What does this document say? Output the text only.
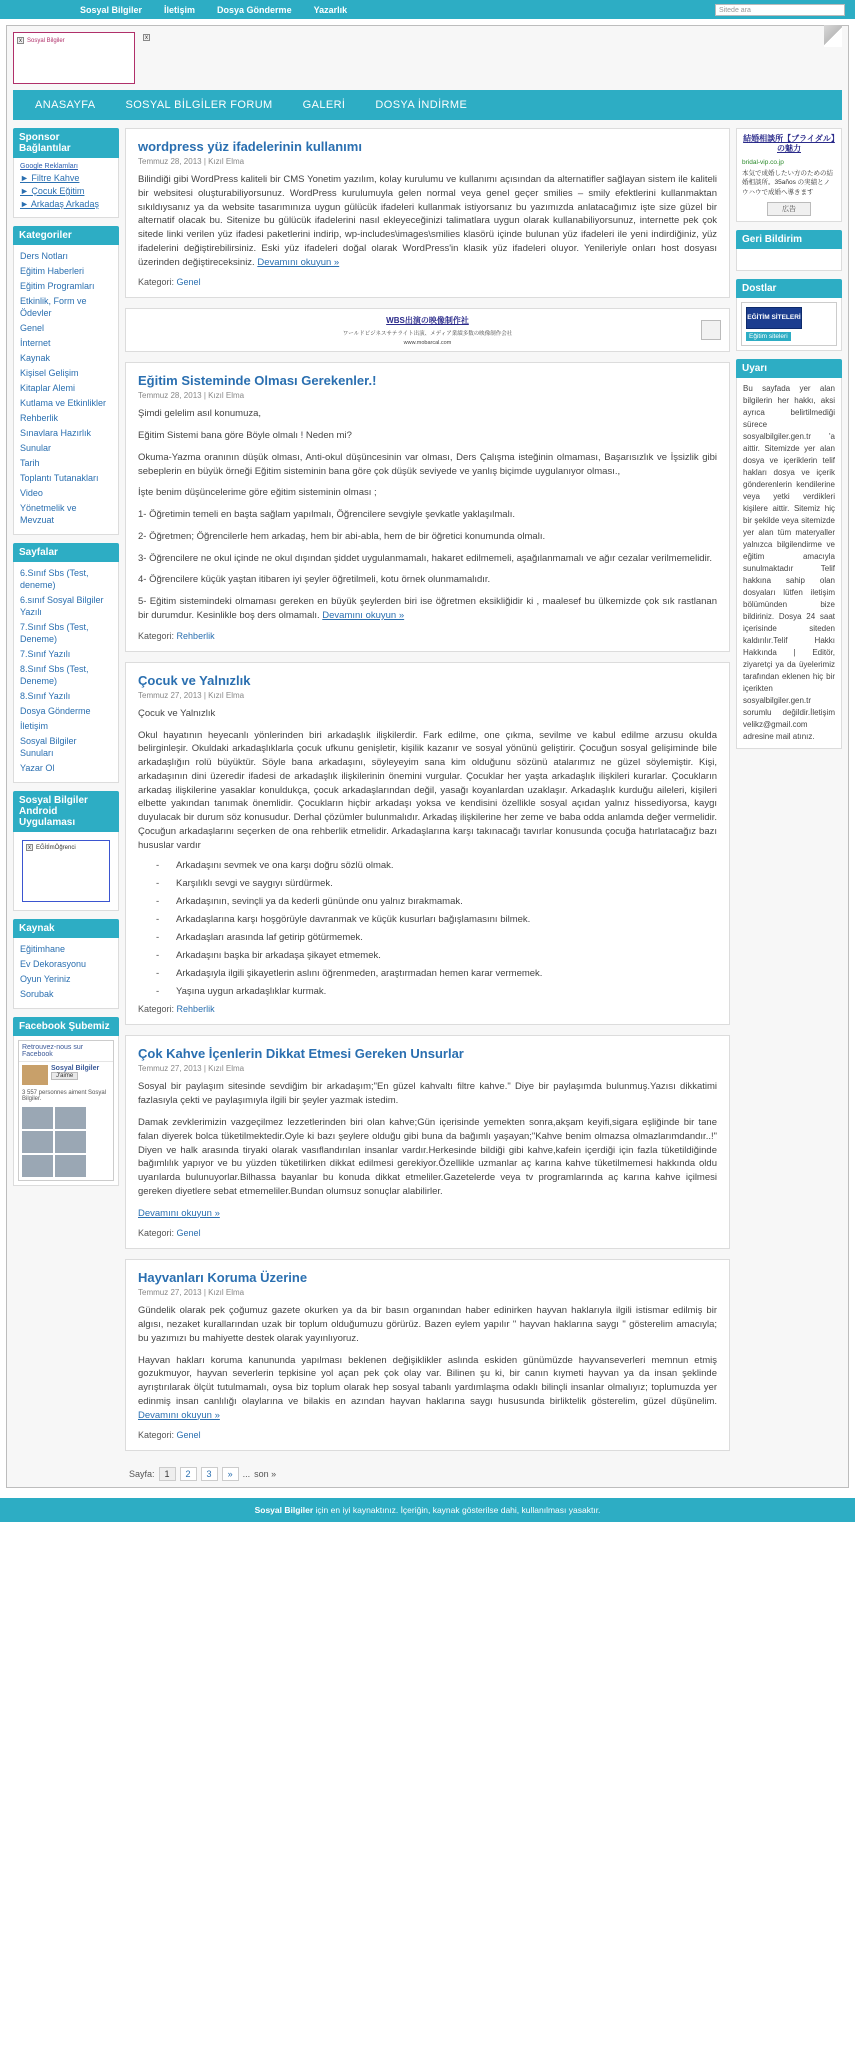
Sosyal Bilgiler İletişim Dosya Gönderme Yazarlık	Sitede ara
x Sosyal Bilgiler	x
ANASAYFA	SOSYAL BİLGİLER FORUM	GALERİ	DOSYA İNDİRME
Sponsor Bağlantılar
Google Reklamları
► Filtre Kahve
► Çocuk Eğitim
► Arkadaş Arkadaş
Kategoriler
Ders Notları
Eğitim Haberleri
Eğitim Programları
Etkinlik, Form ve Ödevler
Genel
İnternet
Kaynak
Kişisel Gelişim
Kitaplar Alemi
Kutlama ve Etkinlikler
Rehberlik
Sınavlara Hazırlık
Sunular
Tarih
Toplantı Tutanakları
Video
Yönetmelik ve Mevzuat
Sayfalar
6.Sınıf Sbs (Test, deneme)
6.sınıf Sosyal Bilgiler Yazılı
7.Sınıf Sbs (Test, Deneme)
7.Sınıf Yazılı
8.Sınıf Sbs (Test, Deneme)
8.Sınıf Yazılı
Dosya Gönderme
İletişim
Sosyal Bilgiler Sunuları
Yazar Ol
Sosyal Bilgiler Android Uygulaması
x EĞİtİmÖğrenci
Kaynak
Eğitimhane
Ev Dekorasyonu
Oyun Yeriniz
Sorubak
Facebook Şubemiz
Retrouvez-nous sur Facebook
Sosyal Bilgiler
J'aime
3 557 personnes aiment Sosyal Bilgiler.
wordpress yüz ifadelerinin kullanımı
Temmuz 28, 2013 | Kızıl Elma

Bilindiği gibi WordPress kaliteli bir CMS Yonetim yazılım, kolay kurulumu ve kullanımı açısından da alternatifler sağlayan sistem ile kaliteli bir websitesi oluşturabiliyorsunuz. WordPress kurulumuyla gelen normal veya genel geçer smilies – smily efektlerini kullanmaktan sıkıldıysanız ya da website tasarımınıza uygun gülücük ifadeleri kullanmak istiyorsanız bu yazımızda anlatacağımız işte size güzel bir alternatif olacak bu. Sitenize bu gülücük ifadelerini nasıl ekleyeceğinizi talimatlara uygun olarak kullanabiliyorsunuz, internette pek çok sitede linki verilen yüz ifadesi paketlerini indirip, wp-includes\images\smilies klasörü içinde bulunan yüz ifadeleri ile yeni indirdiğiniz, yüz ifadelerini değiştirebilirsiniz. Eski yüz ifadeleri doğal olarak WordPress'in klasik yüz ifadeleri oluyor. Yenileriyle onları host dosyası üzerinden değiştireceksiniz. Devamını okuyun »

Kategori: Genel
WBS出演の映像制作社
ワールドビジネスサテライト出演、メディア業績多数の映像制作会社
www.mobarcal.com
Eğitim Sisteminde Olması Gerekenler.!
Temmuz 28, 2013 | Kızıl Elma

Şimdi gelelim asıl konumuza,

Eğitim Sistemi bana göre Böyle olmalı ! Neden mi?

Okuma-Yazma oranının düşük olması, Anti-okul düşüncesinin var olması, Ders Çalışma isteğinin olmaması, Başarısızlık ve İşsizlik gibi sebeplerin en büyük örneği Eğitim sisteminin bana göre çok düşük seviyede ve yanlış biçimde uygulanıyor olması.,

İşte benim düşüncelerime göre eğitim sisteminin olması ;

1- Öğretimin temeli en başta sağlam yapılmalı, Öğrencilere sevgiyle şevkatle yaklaşılmalı.

2- Öğretmen; Öğrencilerle hem arkadaş, hem bir abi-abla, hem de bir öğretici konumunda olmalı.

3- Öğrencilere ne okul içinde ne okul dışından şiddet uygulanmamalı, hakaret edilmemeli, aşağılanmamalı ve ağır cezalar verilmemelidir.

4- Öğrencilere küçük yaştan itibaren iyi şeyler öğretilmeli, kotu örnek olunmamalıdır.

5- Eğitim sistemindeki olmaması gereken en büyük şeylerden biri ise öğretmen eksikliğidir ki , maalesef bu ülkemizde çok sık rastlanan bir durumdur. Kesinlikle boş ders olmamalı. Devamını okuyun »

Kategori: Rehberlik
Çocuk ve Yalnızlık
Temmuz 27, 2013 | Kızıl Elma

Çocuk ve Yalnızlık

Okul hayatının heyecanlı yönlerinden biri arkadaşlık ilişkilerdir. Fark edilme, one çıkma, sevilme ve kabul edilme arzusu okulda belirginleşir. Okuldaki arkadaşlıklarla çocuk ufkunu genişletir, kişilik kazanır ve sosyal yönünü geliştirir. Çocuğun sosyal gelişiminde bile arkadaşlığın rolü büyüktür. Söyle bana arkadaşını, söyleyeyim sana kim olduğunu sözünü atalarımız ne güzel söylemiştir. Kişi, arkadaşının dini üzeredir ifadesi de arkadaşlık ilişkilerinin önemini vurgular. Çocuklar her yaşta arkadaşlık ilişkileri kurarlar. Çocukların arkadaş ilişkilerine yasaklar konuldukça, çocuk arkadaşlarından değil, yasağı koyanlardan uzaklaşır. Arkadaşlık kurduğu aileleri, kişileri elbette yakından tanımak önemlidir. Çocukların hiçbir arkadaşı yoksa ve kendisini özellikle sosyal açıdan yalnız hissediyorsa, kaygı duyulacak bir durum söz konusudur. Derhal çözümler bulunmalıdır. Arkadaş ilişkilerine her zeme ve baba odda anlamda değer vermelidir. Çocuğun arkadaşlarını seçerken de ona rehberlik etmelidir. Arkadaşlarına karşı takınacağı tavırlar konusunda çocuğa hatırlatacağız bazı hususlar vardır

- Arkadaşını sevmek ve ona karşı doğru sözlü olmak.
- Karşılıklı sevgi ve saygıyı sürdürmek.
- Arkadaşının, sevinçli ya da kederli gününde onu yalnız bırakmamak.
- Arkadaşlarına karşı hoşgörüyle davranmak ve küçük kusurları bağışlamasını bilmek.
- Arkadaşları arasında laf getirip götürmemek.
- Arkadaşını başka bir arkadaşa şikayet etmemek.
- Arkadaşıyla ilgili şikayetlerin aslını öğrenmeden, araştırmadan hemen karar vermemek.
- Yaşına uygun arkadaşlıklar kurmak.
Kategori: Rehberlik
Çok Kahve İçenlerin Dikkat Etmesi Gereken Unsurlar
Temmuz 27, 2013 | Kızıl Elma

Sosyal bir paylaşım sitesinde sevdiğim bir arkadaşım;"En güzel kahvaltı filtre kahve." Diye bir paylaşımda bulunmuş.Yazısı dikkatimi fazlasıyla çekti ve paylaşımıyla ilgili bir şeyler yazmak istedim.

Damak zevklerimizin vazgeçilmez lezzetlerinden biri olan kahve;Gün içerisinde yemekten sonra,akşam keyifi,sigara eşliğinde bir tane falan diyerek bolca tüketilmektedir.Oyle ki bazı şeylere olduğu gibi buna da bağımlı yaşayan;"Kahve benim olmazsa olmazlarımdandır..!" Diyen ve halk arasında tiryaki olarak vasıflandırılan insanlar vardır.Herkesinde bildiği gibi kahve,kafein içerdiği için fazla tüketildiğinde bağımlılık yapıyor ve bu yüzden tüketilirken dikkat edilmesi gerekiyor.Özellikle uzmanlar aç karına kahve tüketilmemesi hakkında oldu uyarılarda bulunuyorlar.Bilhassa bayanlar bu konuda dikkat etmeliler.Gazetelerde veya tv programlarında aç karına kahve içilmesi gereken diyetlere sebat etmemeliler.Bundan olumsuz sonuçlar alabilirler.

Devamını okuyun »

Kategori: Genel
Hayvanları Koruma Üzerine
Temmuz 27, 2013 | Kızıl Elma

Gündelik olarak pek çoğumuz gazete okurken ya da bir basın organından haber edinirken hayvan haklarıyla ilgili istismar edilmiş bir algısı, nezaket kurallarından uzak bir toplum olduğumuzu görürüz. Bazen eylem yapılır " hayvan haklarına saygı " gösterelim amacıyla; bu yazımızı bu mahiyette destek olarak yayınlıyoruz.

Hayvan hakları koruma kanununda yapılması beklenen değişiklikler aslında eskiden günümüzde hayvanseverleri memnun etmiş gozukmuyor, hayvan severlerin tepkisine yol açan pek çok olay var. Bilinen şu ki, bir canın kıymeti hayvan ya da insan şeklinde ayrıştırılarak ölçüt tutulmamalı, oysa biz toplum olarak hep sosyal tabanlı yardımlaşma odaklı bilinçli insanlar olmalıyız; toplumuzda yer edinmiş insan canlılığı olaylarına ve bilakis en azından hayvan haklarına saygı hususunda birliktelik gösterelim, güzel düşünelim. Devamını okuyun »

Kategori: Genel
Sayfa:	1	2	3	»	... son »
結婚相談所【ブライダル】の魅力
bridal-vip.co.jp
本気で成婚したい方のための結婚相談所。35años の実績とノウハウで成婚へ導きます
広告
Geri Bildirim
Dostlar
EĞİTİM SİTELERİ
Eğitim siteleri
Uyarı
Bu sayfada yer alan bilgilerin her hakkı, aksi ayrıca belirtilmediği sürece sosyalbilgiler.gen.tr 'a aittir. Sitemizde yer alan dosya ve içeriklerin telif hakları dosya ve içerik gönderenlerin kendilerine veya yetki verdikleri kişilere aittir. Sitemiz hiç bir şekilde veya sitemizde yer alan tüm materyaller yalnızca bilgilendirme ve eğitim amacıyla sunulmaktadır Telif hakkına sahip olan dosyaları lütfen iletişim bölümünden bize bildiriniz. Dosya 24 saat içerisinde siteden kaldırılır.Telif Hakkı Hakkında | Editör, ziyaretçi ya da üyelerimiz tarafından eklenen hiç bir içerikten sosyalbilgiler.gen.tr sorumlu değildir.İletişim velikz@gmail.com adresine mail atınız.
Sosyal Bilgiler için en iyi kaynaktınız. İçeriğin, kaynak gösterilse dahi, kullanılması yasaktır.
